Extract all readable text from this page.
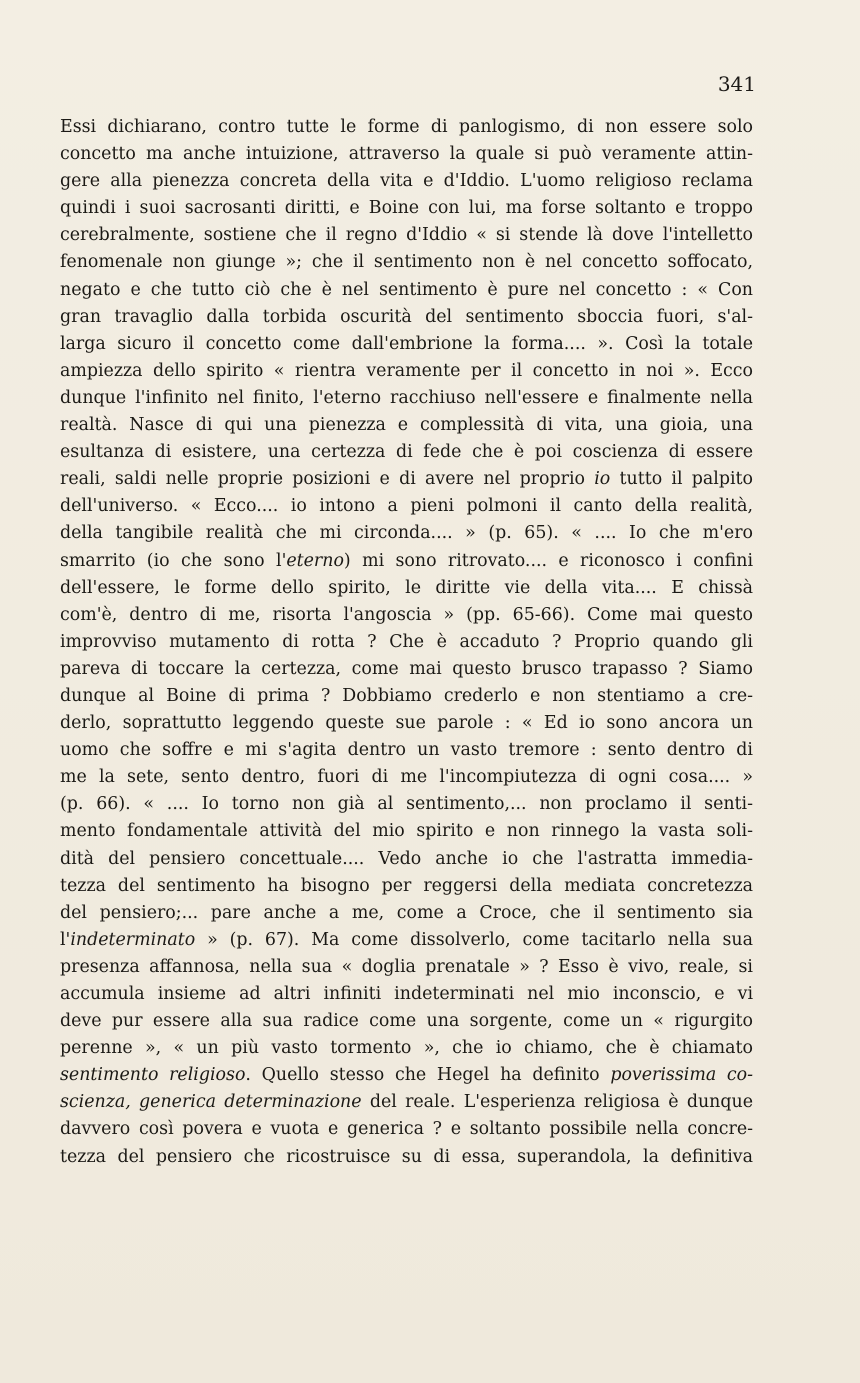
341
Essi dichiarano, contro tutte le forme di panlogismo, di non essere solo
concetto ma anche intuizione, attraverso la quale si può veramente attin-
gere alla pienezza concreta della vita e d'Iddio. L'uomo religioso reclama
quindi i suoi sacrosanti diritti, e Boine con lui, ma forse soltanto e troppo
cerebralmente, sostiene che il regno d'Iddio « si stende là dove l'intelletto
fenomenale non giunge »; che il sentimento non è nel concetto soffocato,
negato e che tutto ciò che è nel sentimento è pure nel concetto : « Con
gran travaglio dalla torbida oscurità del sentimento sboccia fuori, s'al-
larga sicuro il concetto come dall'embrione la forma.... ». Così la totale
ampiezza dello spirito « rientra veramente per il concetto in noi ». Ecco
dunque l'infinito nel finito, l'eterno racchiuso nell'essere e finalmente nella
realtà. Nasce di qui una pienezza e complessità di vita, una gioia, una
esultanza di esistere, una certezza di fede che è poi coscienza di essere
reali, saldi nelle proprie posizioni e di avere nel proprio io tutto il palpito
dell'universo. « Ecco.... io intono a pieni polmoni il canto della realità,
della tangibile realità che mi circonda.... » (p. 65). « .... Io che m'ero
smarrito (io che sono l'eterno) mi sono ritrovato.... e riconosco i confini
dell'essere, le forme dello spirito, le diritte vie della vita.... E chissà
com'è, dentro di me, risorta l'angoscia » (pp. 65-66). Come mai questo
improvviso mutamento di rotta ? Che è accaduto ? Proprio quando gli
pareva di toccare la certezza, come mai questo brusco trapasso ? Siamo
dunque al Boine di prima ? Dobbiamo crederlo e non stentiamo a cre-
derlo, soprattutto leggendo queste sue parole : « Ed io sono ancora un
uomo che soffre e mi s'agita dentro un vasto tremore : sento dentro di
me la sete, sento dentro, fuori di me l'incompiutezza di ogni cosa.... »
(p. 66). « .... Io torno non già al sentimento,... non proclamo il senti-
mento fondamentale attività del mio spirito e non rinnego la vasta soli-
dità del pensiero concettuale.... Vedo anche io che l'astratta immedia-
tezza del sentimento ha bisogno per reggersi della mediata concretezza
del pensiero;... pare anche a me, come a Croce, che il sentimento sia
l'indeterminato » (p. 67). Ma come dissolverlo, come tacitarlo nella sua
presenza affannosa, nella sua « doglia prenatale » ? Esso è vivo, reale, si
accumula insieme ad altri infiniti indeterminati nel mio inconscio, e vi
deve pur essere alla sua radice come una sorgente, come un « rigurgito
perenne », « un più vasto tormento », che io chiamo, che è chiamato
sentimento religioso. Quello stesso che Hegel ha definito poverissima co-
scienza, generica determinazione del reale. L'esperienza religiosa è dunque
davvero così povera e vuota e generica ? e soltanto possibile nella concre-
tezza del pensiero che ricostruisce su di essa, superandola, la definitiva
